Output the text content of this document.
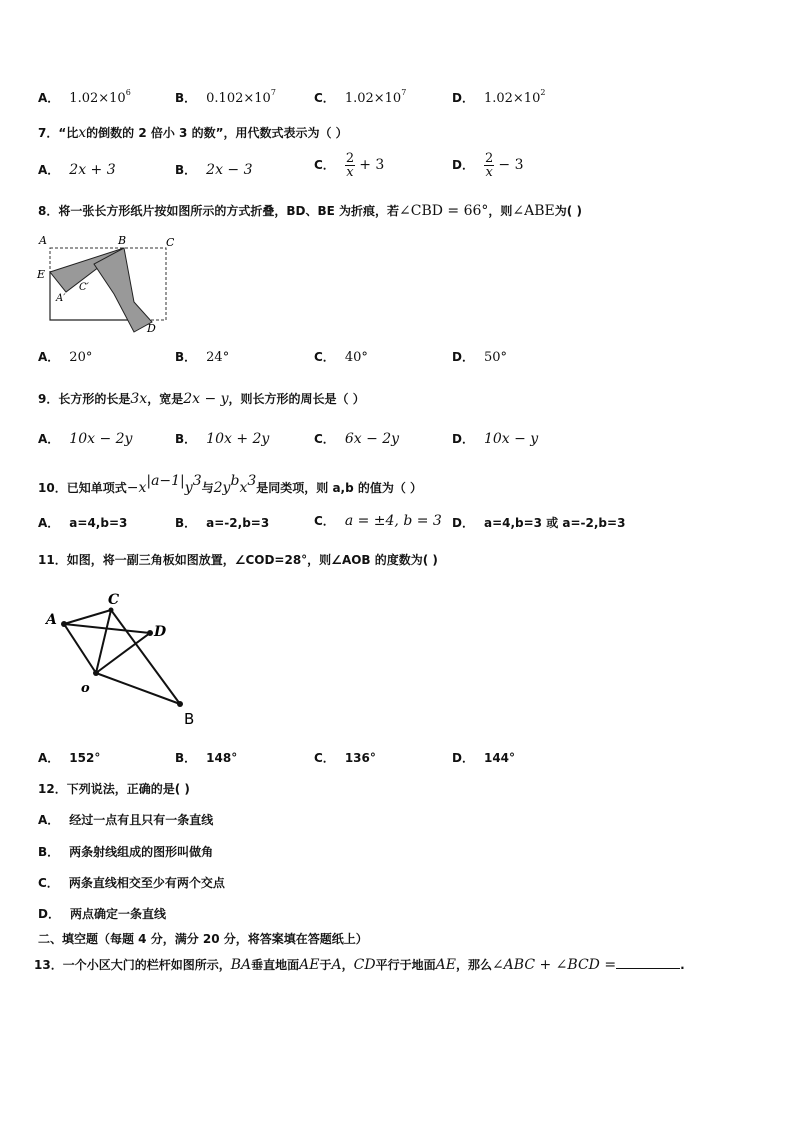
A． $1.02\times 10^6$	B． $0.102\times 10^7$	C． $1.02\times 10^7$	D． $1.02\times 10^2$
7．“比x的倒数的 2 倍小 3 的数”，用代数式表示为（ ）
A． 2x + 3	B． 2x − 3	C． $\frac{2}{x} + 3$	D． $\frac{2}{x} - 3$
8．将一张长方形纸片按如图所示的方式折叠，BD、BE 为折痕，若∠CBD = 66°，则∠ABE为( )
A	B	C
E
A′
C′
D
A． 20°	B． 24°	C． 40°	D． 50°
9．长方形的长是3x，宽是2x − y，则长方形的周长是（ ）
A． 10x − 2y	B． 10x + 2y	C． 6x − 2y	D． 10x − y
10．已知单项式$-x^{|a-1|}y^3$与$2y^bx^3$是同类项，则 a,b 的值为（ ）
A． a=4,b=3	B． a=-2,b=3	C． a = ±4, b = 3 D． a=4,b=3 或 a=-2,b=3
11．如图，将一副三角板如图放置，∠COD=28°，则∠AOB 的度数为( )
A
C
D
o
B
A． 152°	B． 148°	C． 136°	D． 144°
12．下列说法，正确的是( )
A． 经过一点有且只有一条直线
B． 两条射线组成的图形叫做角
C． 两条直线相交至少有两个交点
D． 两点确定一条直线
二、填空题（每题 4 分，满分 20 分，将答案填在答题纸上）
13．一个小区大门的栏杆如图所示，BA垂直地面AE于A，CD平行于地面AE，那么∠ABC + ∠BCD =	.
